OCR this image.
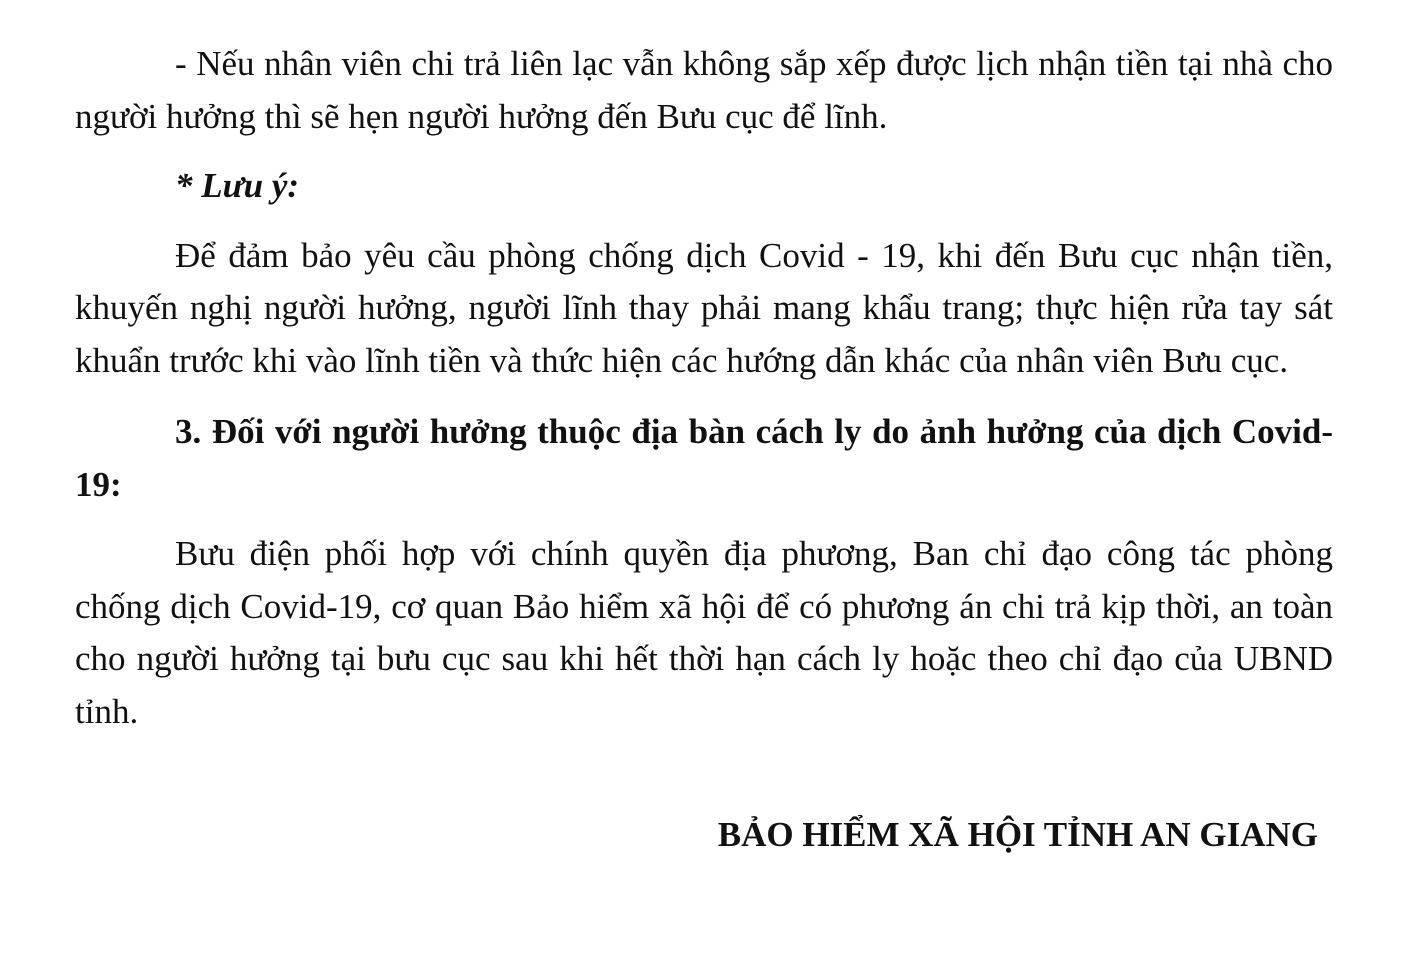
- Nếu nhân viên chi trả liên lạc vẫn không sắp xếp được lịch nhận tiền tại nhà cho người hưởng thì sẽ hẹn người hưởng đến Bưu cục để lĩnh.

* Lưu ý:

Để đảm bảo yêu cầu phòng chống dịch Covid - 19, khi đến Bưu cục nhận tiền, khuyến nghị người hưởng, người lĩnh thay phải mang khẩu trang; thực hiện rửa tay sát khuẩn trước khi vào lĩnh tiền và thức hiện các hướng dẫn khác của nhân viên Bưu cục.

3. Đối với người hưởng thuộc địa bàn cách ly do ảnh hưởng của dịch Covid-19:

Bưu điện phối hợp với chính quyền địa phương, Ban chỉ đạo công tác phòng chống dịch Covid-19, cơ quan Bảo hiểm xã hội để có phương án chi trả kịp thời, an toàn cho người hưởng tại bưu cục sau khi hết thời hạn cách ly hoặc theo chỉ đạo của UBND tỉnh.

BẢO HIỂM XÃ HỘI TỈNH AN GIANG
